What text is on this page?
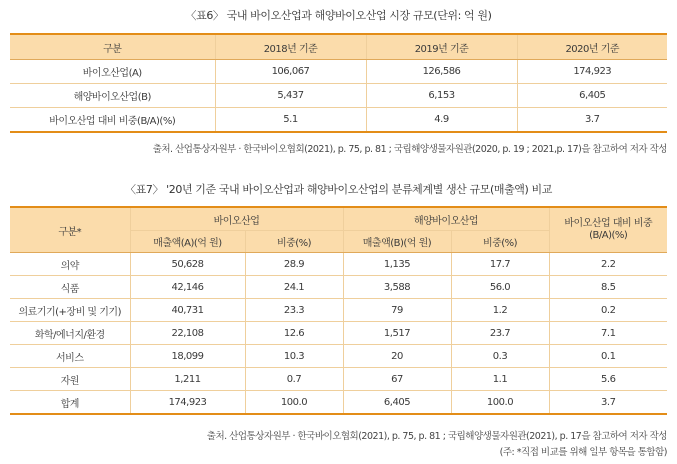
〈표6〉 국내 바이오산업과 해양바이오산업 시장 규모(단위: 억 원)
구분	2018년 기준	2019년 기준	2020년 기준
바이오산업(A)	106,067	126,586	174,923
해양바이오산업(B)	5,437	6,153	6,405
바이오산업 대비 비중(B/A)(%)	5.1	4.9	3.7
출처. 산업통상자원부 · 한국바이오협회(2021), p. 75, p. 81 ; 국립해양생물자원관(2020, p. 19 ; 2021,p. 17)을 참고하여 저자 작성
〈표7〉 '20년 기준 국내 바이오산업과 해양바이오산업의 분류체계별 생산 규모(매출액) 비교
구분*	바이오산업		해양바이오산업		바이오산업 대비 비중
(B/A)(%)
	매출액(A)(억 원)	비중(%)	매출액(B)(억 원)	비중(%)	
의약	50,628	28.9	1,135	17.7	2.2
식품	42,146	24.1	3,588	56.0	8.5
의료기기(+장비 및 기기)	40,731	23.3	79	1.2	0.2
화학/에너지/환경	22,108	12.6	1,517	23.7	7.1
서비스	18,099	10.3	20	0.3	0.1
자원	1,211	0.7	67	1.1	5.6
합계	174,923	100.0	6,405	100.0	3.7
출처. 산업통상자원부 · 한국바이오협회(2021), p. 75, p. 81 ; 국립해양생물자원관(2021), p. 17을 참고하여 저자 작성
(주: *직접 비교를 위해 일부 항목을 통합함)
